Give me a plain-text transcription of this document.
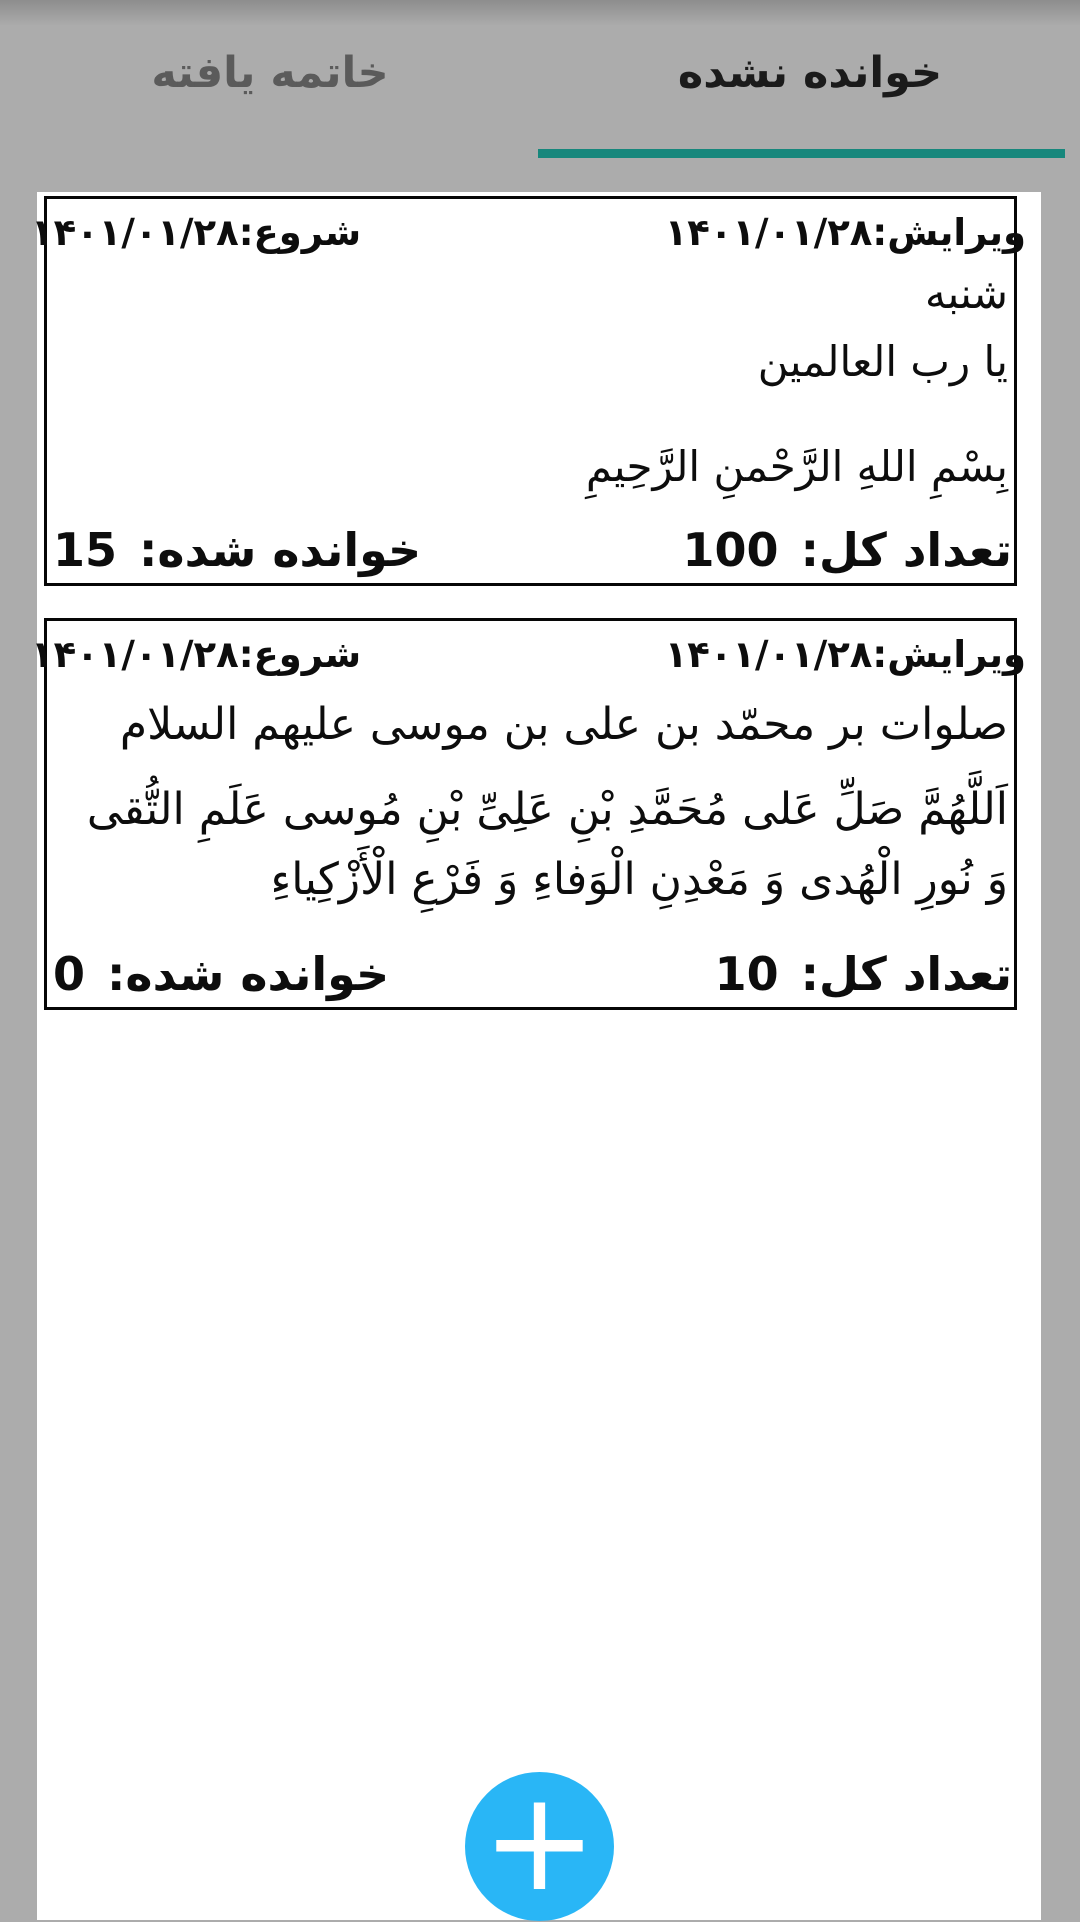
خاتمه یافته	خوانده نشده
ویرایش:۱۴۰۱/۰۱/۲۸
شروع:۱۴۰۱/۰۱/۲۸
شنبه
یا رب العالمین
بِسْمِ اللهِ الرَّحْمنِ الرَّحِیمِ
تعداد کل: 100
خوانده شده: 15
ویرایش:۱۴۰۱/۰۱/۲۸
شروع:۱۴۰۱/۰۱/۲۸
صلوات بر محمّد بن علی بن موسی علیهم السلام
اَللَّهُمَّ صَلِّ عَلی مُحَمَّدِ بْنِ عَلِیِّ بْنِ مُوسی عَلَمِ التُّقی
وَ نُورِ الْهُدی وَ مَعْدِنِ الْوَفاءِ وَ فَرْعِ الْأَزْكِیاءِ
تعداد کل: 10
خوانده شده: 0
+
